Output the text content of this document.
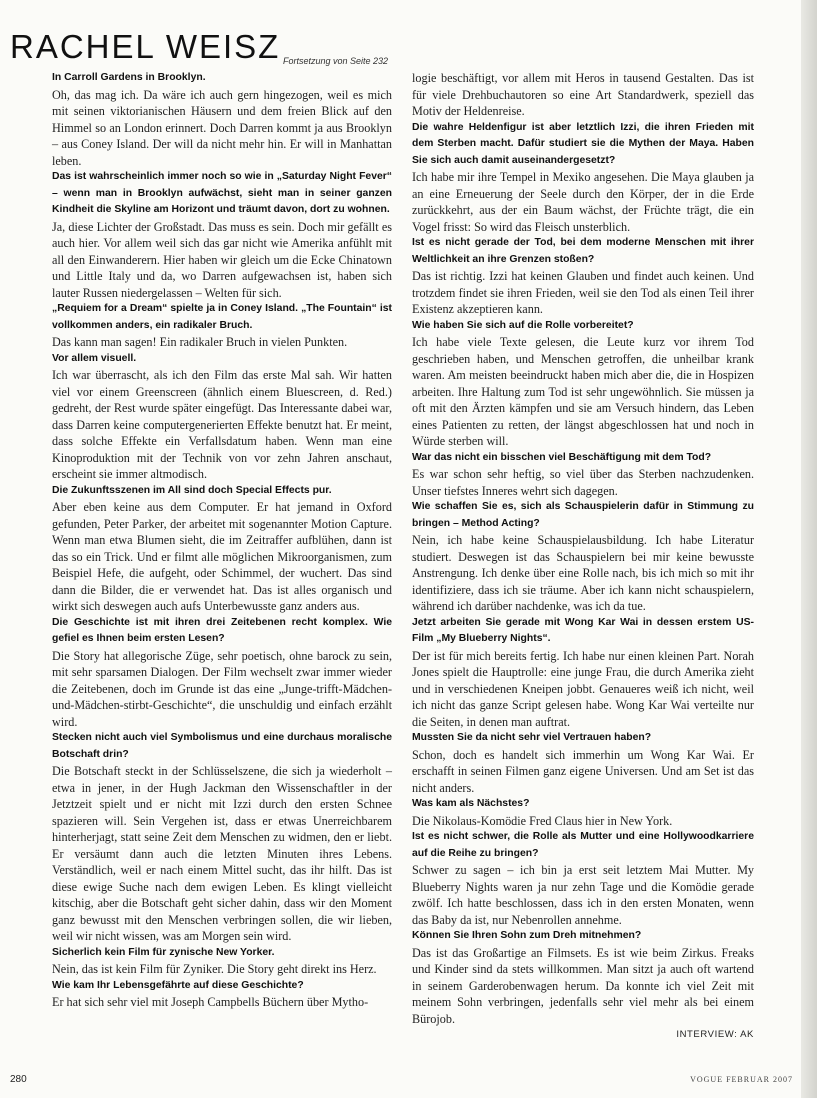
RACHEL WEISZ Fortsetzung von Seite 232

In Carroll Gardens in Brooklyn.

Oh, das mag ich. Da wäre ich auch gern hingezogen, weil es mich mit seinen viktorianischen Häusern und dem freien Blick auf den Himmel so an London erinnert. Doch Darren kommt ja aus Brooklyn – aus Coney Island. Der will da nicht mehr hin. Er will in Manhattan leben.

Das ist wahrscheinlich immer noch so wie in „Saturday Night Fever“ – wenn man in Brooklyn aufwächst, sieht man in seiner ganzen Kindheit die Skyline am Horizont und träumt davon, dort zu wohnen.

Ja, diese Lichter der Großstadt. Das muss es sein. Doch mir gefällt es auch hier. Vor allem weil sich das gar nicht wie Amerika anfühlt mit all den Einwanderern. Hier haben wir gleich um die Ecke Chinatown und Little Italy und da, wo Darren aufgewachsen ist, haben sich lauter Russen niedergelassen – Welten für sich.

„Requiem for a Dream“ spielte ja in Coney Island. „The Fountain“ ist vollkommen anders, ein radikaler Bruch.

Das kann man sagen! Ein radikaler Bruch in vielen Punkten.

Vor allem visuell.

Ich war überrascht, als ich den Film das erste Mal sah. Wir hatten viel vor einem Greenscreen (ähnlich einem Bluescreen, d. Red.) gedreht, der Rest wurde später eingefügt. Das Interessante dabei war, dass Darren keine computergenerierten Effekte benutzt hat. Er meint, dass solche Effekte ein Verfallsdatum haben. Wenn man eine Kinoproduktion mit der Technik von vor zehn Jahren anschaut, erscheint sie immer altmodisch.

Die Zukunftsszenen im All sind doch Special Effects pur.

Aber eben keine aus dem Computer. Er hat jemand in Oxford gefunden, Peter Parker, der arbeitet mit sogenannter Motion Capture. Wenn man etwa Blumen sieht, die im Zeitraffer aufblühen, dann ist das so ein Trick. Und er filmt alle möglichen Mikroorganismen, zum Beispiel Hefe, die aufgeht, oder Schimmel, der wuchert. Das sind dann die Bilder, die er verwendet hat. Das ist alles organisch und wirkt sich deswegen auch aufs Unterbewusste ganz anders aus.

Die Geschichte ist mit ihren drei Zeitebenen recht komplex. Wie gefiel es Ihnen beim ersten Lesen?

Die Story hat allegorische Züge, sehr poetisch, ohne barock zu sein, mit sehr sparsamen Dialogen. Der Film wechselt zwar immer wieder die Zeitebenen, doch im Grunde ist das eine „Junge-trifft-Mädchen-und-Mädchen-stirbt-Geschichte“, die unschuldig und einfach erzählt wird.

Stecken nicht auch viel Symbolismus und eine durchaus moralische Botschaft drin?

Die Botschaft steckt in der Schlüsselszene, die sich ja wiederholt – etwa in jener, in der Hugh Jackman den Wissenschaftler in der Jetztzeit spielt und er nicht mit Izzi durch den ersten Schnee spazieren will. Sein Vergehen ist, dass er etwas Unerreichbarem hinterherjagt, statt seine Zeit dem Menschen zu widmen, den er liebt. Er versäumt dann auch die letzten Minuten ihres Lebens. Verständlich, weil er nach einem Mittel sucht, das ihr hilft. Das ist diese ewige Suche nach dem ewigen Leben. Es klingt vielleicht kitschig, aber die Botschaft geht sicher dahin, dass wir den Moment ganz bewusst mit den Menschen verbringen sollen, die wir lieben, weil wir nicht wissen, was am Morgen sein wird.

Sicherlich kein Film für zynische New Yorker.

Nein, das ist kein Film für Zyniker. Die Story geht direkt ins Herz.

Wie kam Ihr Lebensgefährte auf diese Geschichte?

Er hat sich sehr viel mit Joseph Campbells Büchern über Mytho-

logie beschäftigt, vor allem mit Heros in tausend Gestalten. Das ist für viele Drehbuchautoren so eine Art Standardwerk, speziell das Motiv der Heldenreise.

Die wahre Heldenfigur ist aber letztlich Izzi, die ihren Frieden mit dem Sterben macht. Dafür studiert sie die Mythen der Maya. Haben Sie sich auch damit auseinandergesetzt?

Ich habe mir ihre Tempel in Mexiko angesehen. Die Maya glauben ja an eine Erneuerung der Seele durch den Körper, der in die Erde zurückkehrt, aus der ein Baum wächst, der Früchte trägt, die ein Vogel frisst: So wird das Fleisch unsterblich.

Ist es nicht gerade der Tod, bei dem moderne Menschen mit ihrer Weltlichkeit an ihre Grenzen stoßen?

Das ist richtig. Izzi hat keinen Glauben und findet auch keinen. Und trotzdem findet sie ihren Frieden, weil sie den Tod als einen Teil ihrer Existenz akzeptieren kann.

Wie haben Sie sich auf die Rolle vorbereitet?

Ich habe viele Texte gelesen, die Leute kurz vor ihrem Tod geschrieben haben, und Menschen getroffen, die unheilbar krank waren. Am meisten beeindruckt haben mich aber die, die in Hospizen arbeiten. Ihre Haltung zum Tod ist sehr ungewöhnlich. Sie müssen ja oft mit den Ärzten kämpfen und sie am Versuch hindern, das Leben eines Patienten zu retten, der längst abgeschlossen hat und noch in Würde sterben will.

War das nicht ein bisschen viel Beschäftigung mit dem Tod?

Es war schon sehr heftig, so viel über das Sterben nachzudenken. Unser tiefstes Inneres wehrt sich dagegen.

Wie schaffen Sie es, sich als Schauspielerin dafür in Stimmung zu bringen – Method Acting?

Nein, ich habe keine Schauspielausbildung. Ich habe Literatur studiert. Deswegen ist das Schauspielern bei mir keine bewusste Anstrengung. Ich denke über eine Rolle nach, bis ich mich so mit ihr identifiziere, dass ich sie träume. Aber ich kann nicht schauspielern, während ich darüber nachdenke, was ich da tue.

Jetzt arbeiten Sie gerade mit Wong Kar Wai in dessen erstem US-Film „My Blueberry Nights“.

Der ist für mich bereits fertig. Ich habe nur einen kleinen Part. Norah Jones spielt die Hauptrolle: eine junge Frau, die durch Amerika zieht und in verschiedenen Kneipen jobbt. Genaueres weiß ich nicht, weil ich nicht das ganze Script gelesen habe. Wong Kar Wai verteilte nur die Seiten, in denen man auftrat.

Mussten Sie da nicht sehr viel Vertrauen haben?

Schon, doch es handelt sich immerhin um Wong Kar Wai. Er erschafft in seinen Filmen ganz eigene Universen. Und am Set ist das nicht anders.

Was kam als Nächstes?

Die Nikolaus-Komödie Fred Claus hier in New York.

Ist es nicht schwer, die Rolle als Mutter und eine Hollywoodkarriere auf die Reihe zu bringen?

Schwer zu sagen – ich bin ja erst seit letztem Mai Mutter. My Blueberry Nights waren ja nur zehn Tage und die Komödie gerade zwölf. Ich hatte beschlossen, dass ich in den ersten Monaten, wenn das Baby da ist, nur Nebenrollen annehme.

Können Sie Ihren Sohn zum Dreh mitnehmen?

Das ist das Großartige an Filmsets. Es ist wie beim Zirkus. Freaks und Kinder sind da stets willkommen. Man sitzt ja auch oft wartend in seinem Garderobenwagen herum. Da konnte ich viel Zeit mit meinem Sohn verbringen, jedenfalls sehr viel mehr als bei einem Bürojob.

INTERVIEW: AK

280	VOGUE FEBRUAR 2007
